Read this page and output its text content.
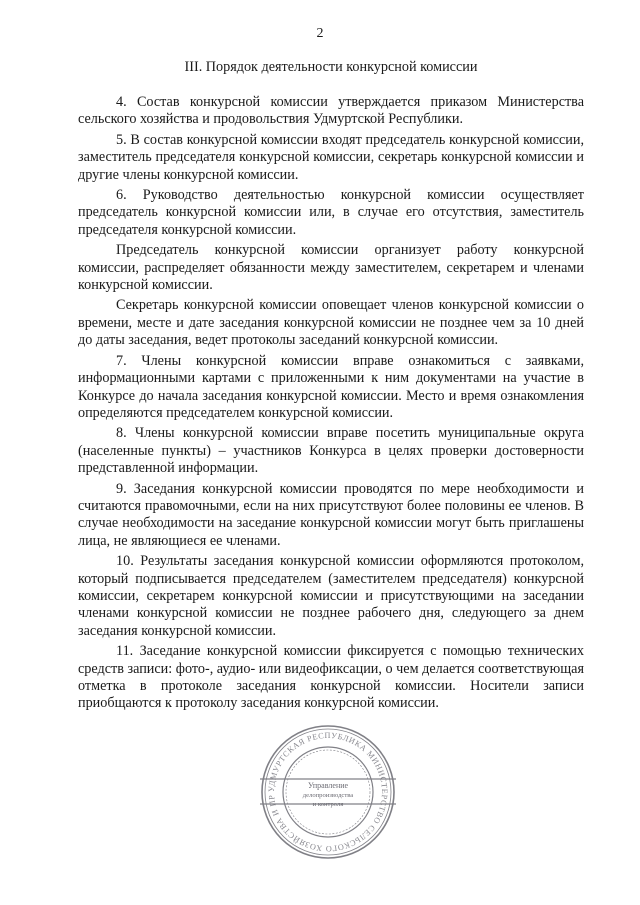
2
III. Порядок деятельности конкурсной комиссии

4. Состав конкурсной комиссии утверждается приказом Министерства сельского хозяйства и продовольствия Удмуртской Республики.

5. В состав конкурсной комиссии входят председатель конкурсной комиссии, заместитель председателя конкурсной комиссии, секретарь конкурсной комиссии и другие члены конкурсной комиссии.

6. Руководство деятельностью конкурсной комиссии осуществляет председатель конкурсной комиссии или, в случае его отсутствия, заместитель председателя конкурсной комиссии.

Председатель конкурсной комиссии организует работу конкурсной комиссии, распределяет обязанности между заместителем, секретарем и членами конкурсной комиссии.

Секретарь конкурсной комиссии оповещает членов конкурсной комиссии о времени, месте и дате заседания конкурсной комиссии не позднее чем за 10 дней до даты заседания, ведет протоколы заседаний конкурсной комиссии.

7. Члены конкурсной комиссии вправе ознакомиться с заявками, информационными картами с приложенными к ним документами на участие в Конкурсе до начала заседания конкурсной комиссии. Место и время ознакомления определяются председателем конкурсной комиссии.

8. Члены конкурсной комиссии вправе посетить муниципальные округа (населенные пункты) – участников Конкурса в целях проверки достоверности представленной информации.

9. Заседания конкурсной комиссии проводятся по мере необходимости и считаются правомочными, если на них присутствуют более половины ее членов. В случае необходимости на заседание конкурсной комиссии могут быть приглашены лица, не являющиеся ее членами.

10. Результаты заседания конкурсной комиссии оформляются протоколом, который подписывается председателем (заместителем председателя) конкурсной комиссии, секретарем конкурсной комиссии и присутствующими на заседании членами конкурсной комиссии не позднее рабочего дня, следующего за днем заседания конкурсной комиссии.

11. Заседание конкурсной комиссии фиксируется с помощью технических средств записи: фото-, аудио- или видеофиксации, о чем делается соответствующая отметка в протоколе заседания конкурсной комиссии. Носители записи приобщаются к протоколу заседания конкурсной комиссии.

УДМУРТСКАЯ РЕСПУБЛИКА МИНИСТЕРСТВО СЕЛЬСКОГО ХОЗЯЙСТВА И ПР
Управление
делопроизводства
и контроля
